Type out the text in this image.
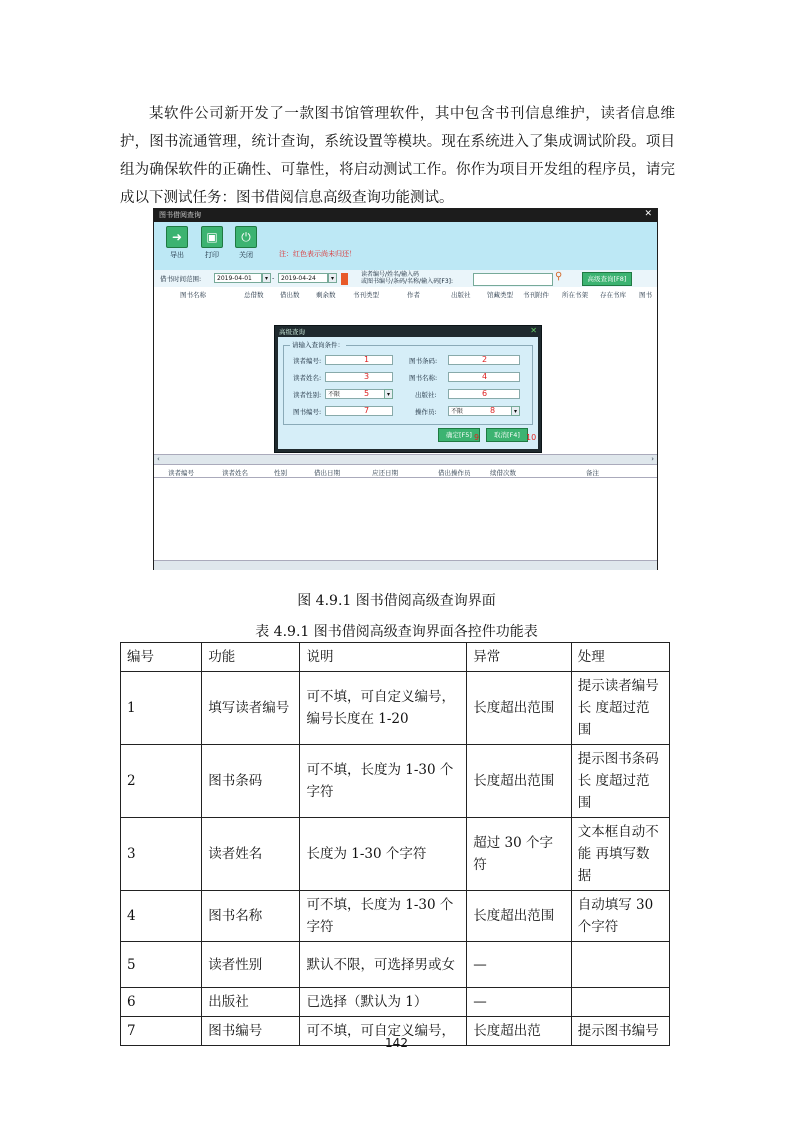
某软件公司新开发了一款图书馆管理软件，其中包含书刊信息维护，读者信息维护，图书流通管理，统计查询，系统设置等模块。现在系统进入了集成调试阶段。项目组为确保软件的正确性、可靠性，将启动测试工作。你作为项目开发组的程序员，请完成以下测试任务：图书借阅信息高级查询功能测试。

图书借阅查询	✕
➜
导出
▣
打印
⏻
关闭	注：红色表示尚未归还！
借书时间范围:	2019-04-01	▾ -	2019-04-24	▾
读者编号/姓名/输入码
或图书编号/条码/名称/输入码[F3]:	⚲	高级查询[F8]
图书名称	总借数	借出数	剩余数	书刊类型	作者	出版社	馆藏类型 书刊附件 所在书架 存在书库 图书
‹	›
读者编号	读者姓名	性别	借出日期	应还日期	借出操作员	续借次数	备注
高级查询	✕
请输入查询条件：
读者编号:	1	图书条码:	2
读者姓名:	3	图书名称:	4
读者性别:	不限	▾
5	出版社:	6
图书编号:	7	操作员:	不限	▾
8
确定[F5] 9	取消[F4] 10
图 4.9.1 图书借阅高级查询界面
表 4.9.1 图书借阅高级查询界面各控件功能表
编号	功能	说明	异常	处理
1	填写读者编号	可不填，可自定义编号，编号长度在 1-20	长度超出范围	提示读者编号长 度超过范围
2	图书条码	可不填，长度为 1-30 个字符	长度超出范围	提示图书条码长 度超过范围
3	读者姓名	长度为 1-30 个字符	超过 30 个字符	文本框自动不能 再填写数据
4	图书名称	可不填，长度为 1-30 个字符	长度超出范围	自动填写 30 个字符
5	读者性别	默认不限，可选择男或女	—	
6	出版社	已选择（默认为 1）	—	
7	图书编号	可不填，可自定义编号，	长度超出范	提示图书编号
142
